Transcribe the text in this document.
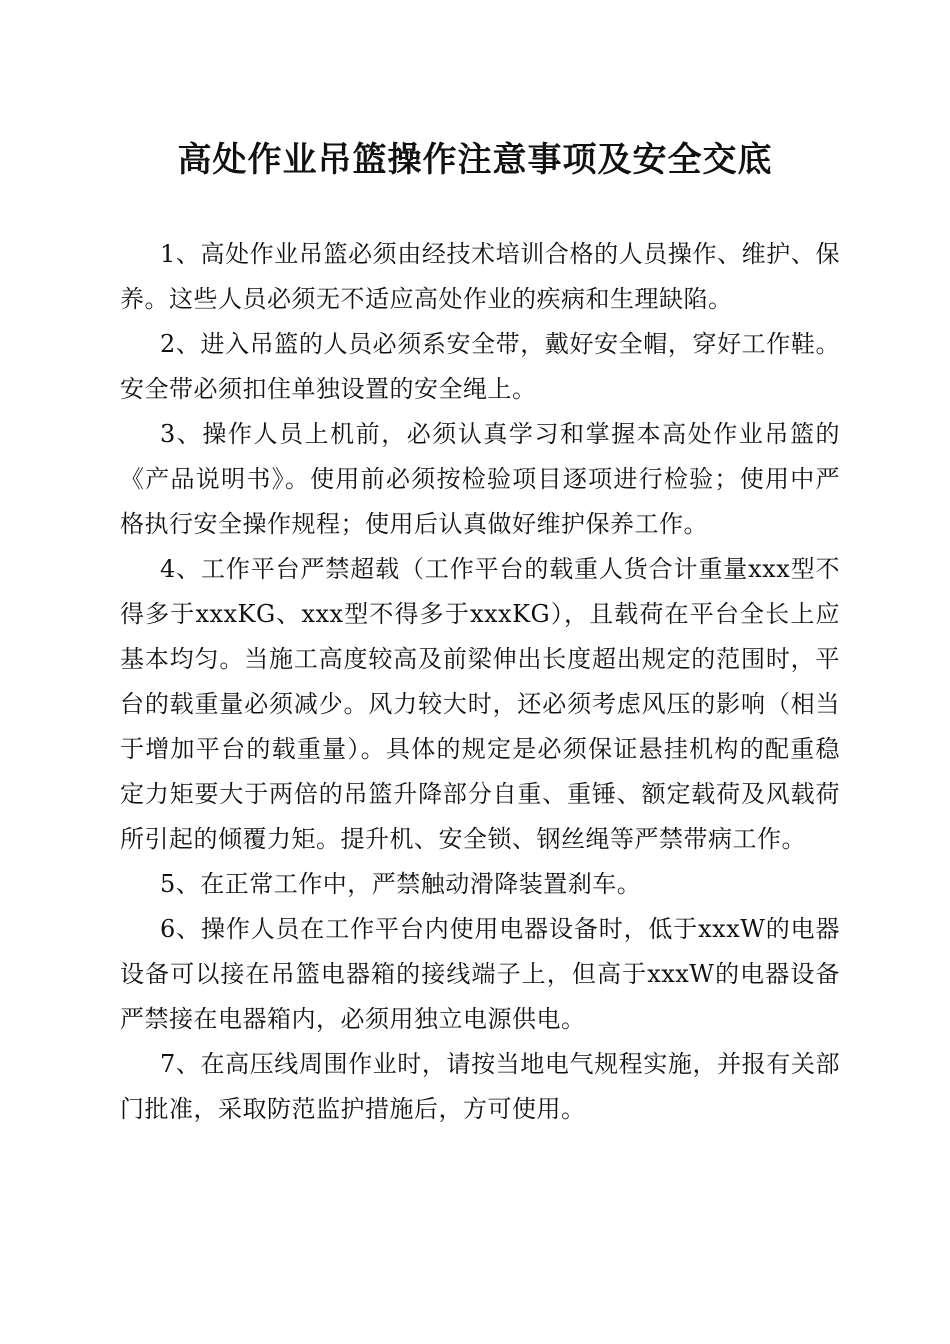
高处作业吊篮操作注意事项及安全交底

1、高处作业吊篮必须由经技术培训合格的人员操作、维护、保养。这些人员必须无不适应高处作业的疾病和生理缺陷。

2、进入吊篮的人员必须系安全带，戴好安全帽，穿好工作鞋。安全带必须扣住单独设置的安全绳上。

3、操作人员上机前，必须认真学习和掌握本高处作业吊篮的《产品说明书》。使用前必须按检验项目逐项进行检验；使用中严格执行安全操作规程；使用后认真做好维护保养工作。

4、工作平台严禁超载（工作平台的载重人货合计重量xxx型不得多于xxxKG、xxx型不得多于xxxKG），且载荷在平台全长上应基本均匀。当施工高度较高及前梁伸出长度超出规定的范围时，平台的载重量必须减少。风力较大时，还必须考虑风压的影响（相当于增加平台的载重量）。具体的规定是必须保证悬挂机构的配重稳定力矩要大于两倍的吊篮升降部分自重、重锤、额定载荷及风载荷所引起的倾覆力矩。提升机、安全锁、钢丝绳等严禁带病工作。

5、在正常工作中，严禁触动滑降装置刹车。

6、操作人员在工作平台内使用电器设备时，低于xxxW的电器设备可以接在吊篮电器箱的接线端子上，但高于xxxW的电器设备严禁接在电器箱内，必须用独立电源供电。

7、在高压线周围作业时，请按当地电气规程实施，并报有关部门批准，采取防范监护措施后，方可使用。
